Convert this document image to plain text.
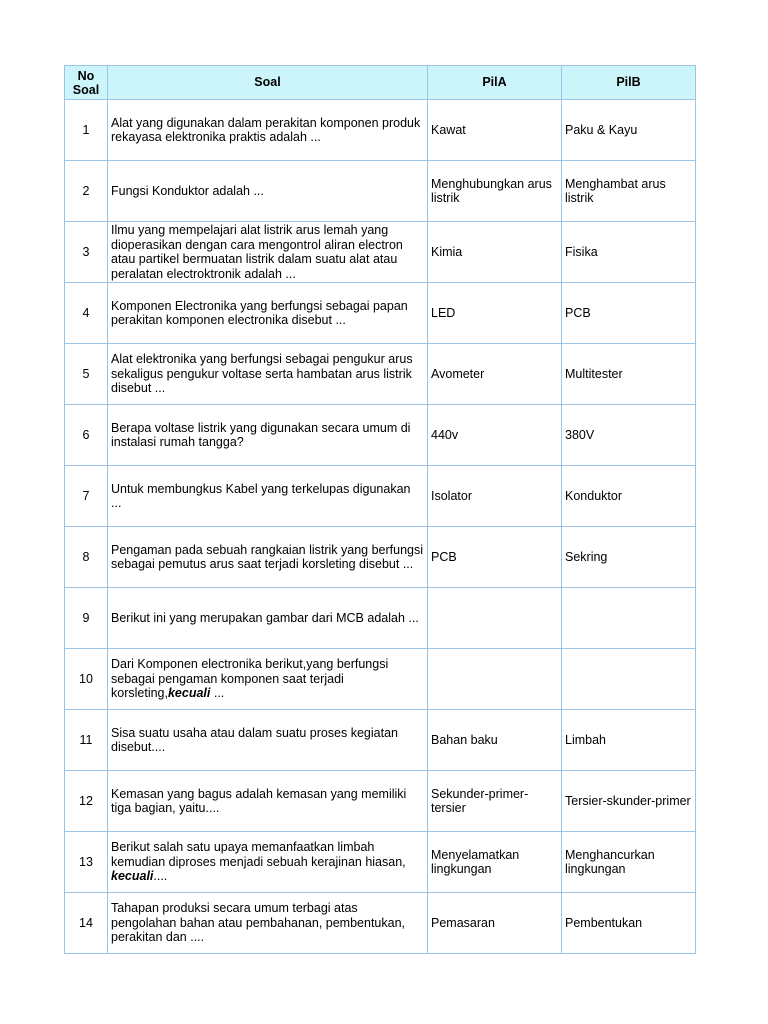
No Soal	Soal	PilA	PilB
1	Alat yang digunakan dalam perakitan komponen produk rekayasa elektronika praktis adalah ...	Kawat	Paku & Kayu
2	Fungsi Konduktor adalah ...	Menghubungkan arus listrik	Menghambat arus listrik
3	Ilmu yang mempelajari alat listrik arus lemah yang dioperasikan dengan cara mengontrol aliran electron atau partikel bermuatan listrik dalam suatu alat atau peralatan electroktronik adalah ...	Kimia	Fisika
4	Komponen Electronika yang berfungsi sebagai papan perakitan komponen electronika disebut ...	LED	PCB
5	Alat elektronika yang berfungsi sebagai pengukur arus sekaligus pengukur voltase serta hambatan arus listrik disebut ...	Avometer	Multitester
6	Berapa voltase listrik yang digunakan secara umum di instalasi rumah tangga?	440v	380V
7	Untuk membungkus Kabel yang terkelupas digunakan ...	Isolator	Konduktor
8	Pengaman pada sebuah rangkaian listrik yang berfungsi sebagai pemutus arus saat terjadi korsleting disebut ...	PCB	Sekring
9	Berikut ini yang merupakan gambar dari MCB adalah ...		
10	Dari Komponen electronika berikut,yang berfungsi sebagai pengaman komponen saat terjadi korsleting,kecuali ...		
11	Sisa suatu usaha atau dalam suatu proses kegiatan disebut....	Bahan baku	Limbah
12	Kemasan yang bagus adalah kemasan yang memiliki tiga bagian, yaitu....	Sekunder-primer-tersier	Tersier-skunder-primer
13	Berikut salah satu upaya memanfaatkan limbah kemudian diproses menjadi sebuah kerajinan hiasan, kecuali....	Menyelamatkan lingkungan	Menghancurkan lingkungan
14	Tahapan produksi secara umum terbagi atas pengolahan bahan atau pembahanan, pembentukan, perakitan dan ....	Pemasaran	Pembentukan
